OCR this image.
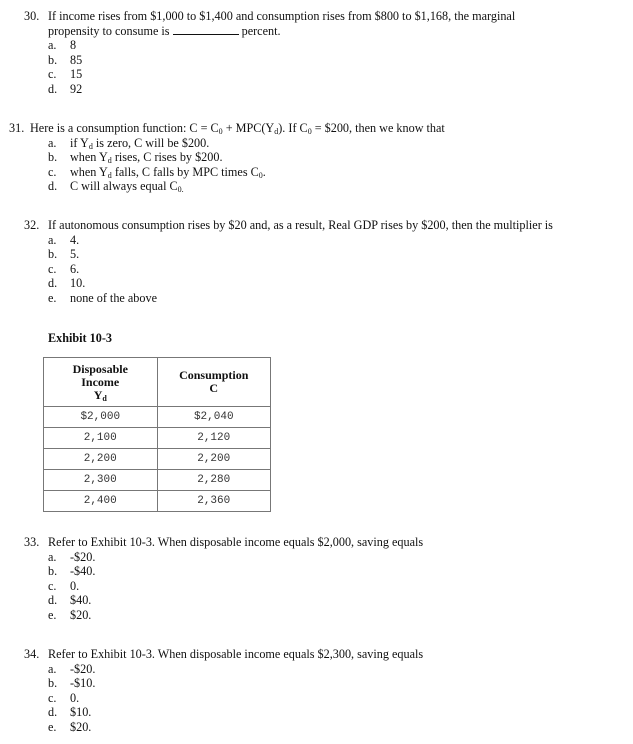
30. If income rises from $1,000 to $1,400 and consumption rises from $800 to $1,168, the marginal
propensity to consume is	percent.
a. 8
b. 85
c. 15
d. 92
31. Here is a consumption function: $C = C_0 + MPC(Y_d)$. If $C_0$ = $200, then we know that
a. if $Y_d$ is zero, C will be $200.
b. when $Y_d$ rises, C rises by $200.
c. when $Y_d$ falls, C falls by MPC times $C_0$.
d. C will always equal $C_{0.}$
32. If autonomous consumption rises by $20 and, as a result, Real GDP rises by $200, then the multiplier is
a. 4.
b. 5.
c. 6.
d. 10.
e. none of the above
Exhibit 10-3
Disposable
Income
$Y_d$	Consumption
C
$2,000	$2,040
2,100	2,120
2,200	2,200
2,300	2,280
2,400	2,360
33. Refer to Exhibit 10-3. When disposable income equals $2,000, saving equals
a. -$20.
b. -$40.
c. 0.
d. $40.
e. $20.
34. Refer to Exhibit 10-3. When disposable income equals $2,300, saving equals
a. -$20.
b. -$10.
c. 0.
d. $10.
e. $20.
